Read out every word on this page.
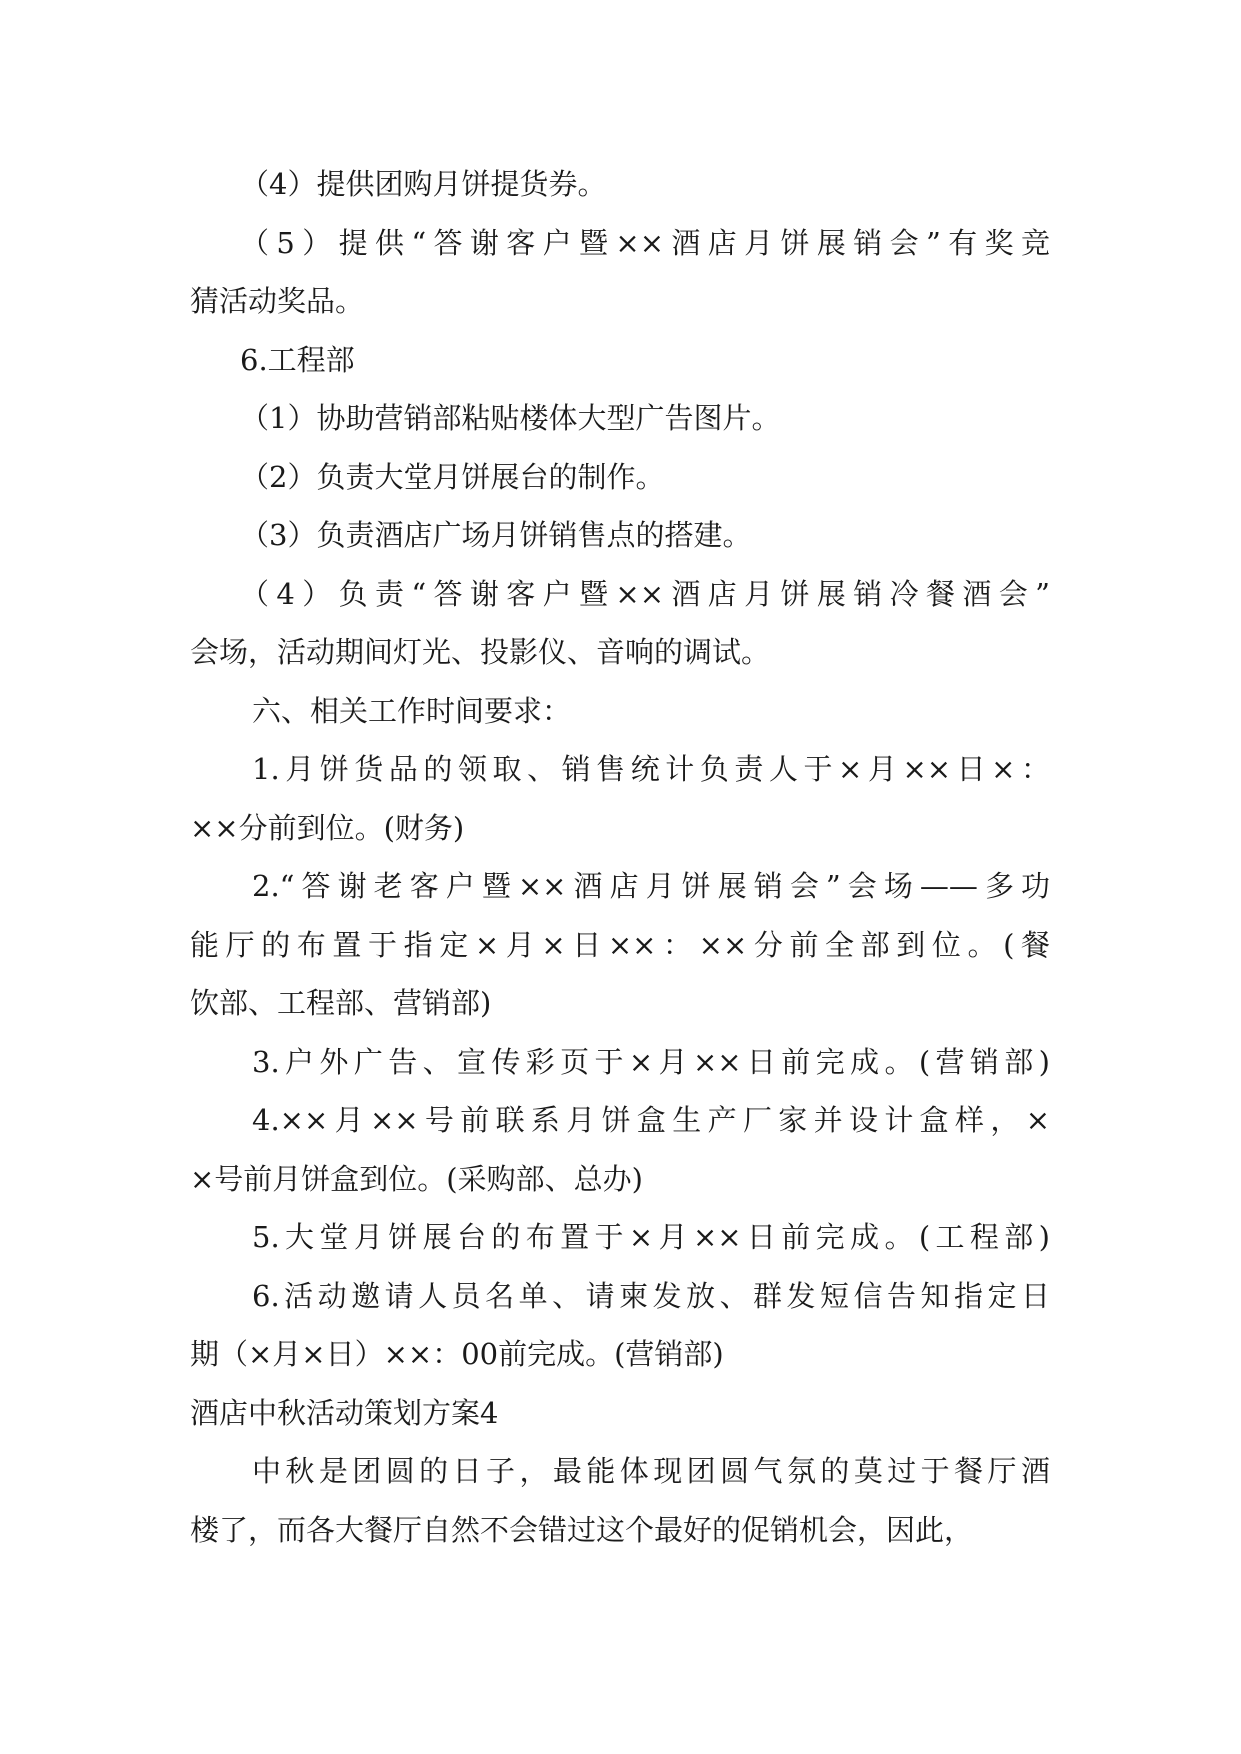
（4）提供团购月饼提货券。
（5）提供“答谢客户暨××酒店月饼展销会”有奖竞
猜活动奖品。
6.工程部
（1）协助营销部粘贴楼体大型广告图片。
（2）负责大堂月饼展台的制作。
（3）负责酒店广场月饼销售点的搭建。
（4）负责“答谢客户暨××酒店月饼展销冷餐酒会”
会场，活动期间灯光、投影仪、音响的调试。
六、相关工作时间要求：
1.月饼货品的领取、销售统计负责人于×月××日×：
××分前到位。(财务)
2.“答谢老客户暨××酒店月饼展销会”会场——多功
能厅的布置于指定×月×日××：××分前全部到位。(餐
饮部、工程部、营销部)
3.户外广告、宣传彩页于×月××日前完成。(营销部)
4.××月××号前联系月饼盒生产厂家并设计盒样，×
×号前月饼盒到位。(采购部、总办)
5.大堂月饼展台的布置于×月××日前完成。(工程部)
6.活动邀请人员名单、请柬发放、群发短信告知指定日
期（×月×日）××：00前完成。(营销部)
酒店中秋活动策划方案4
中秋是团圆的日子，最能体现团圆气氛的莫过于餐厅酒
楼了，而各大餐厅自然不会错过这个最好的促销机会，因此，
